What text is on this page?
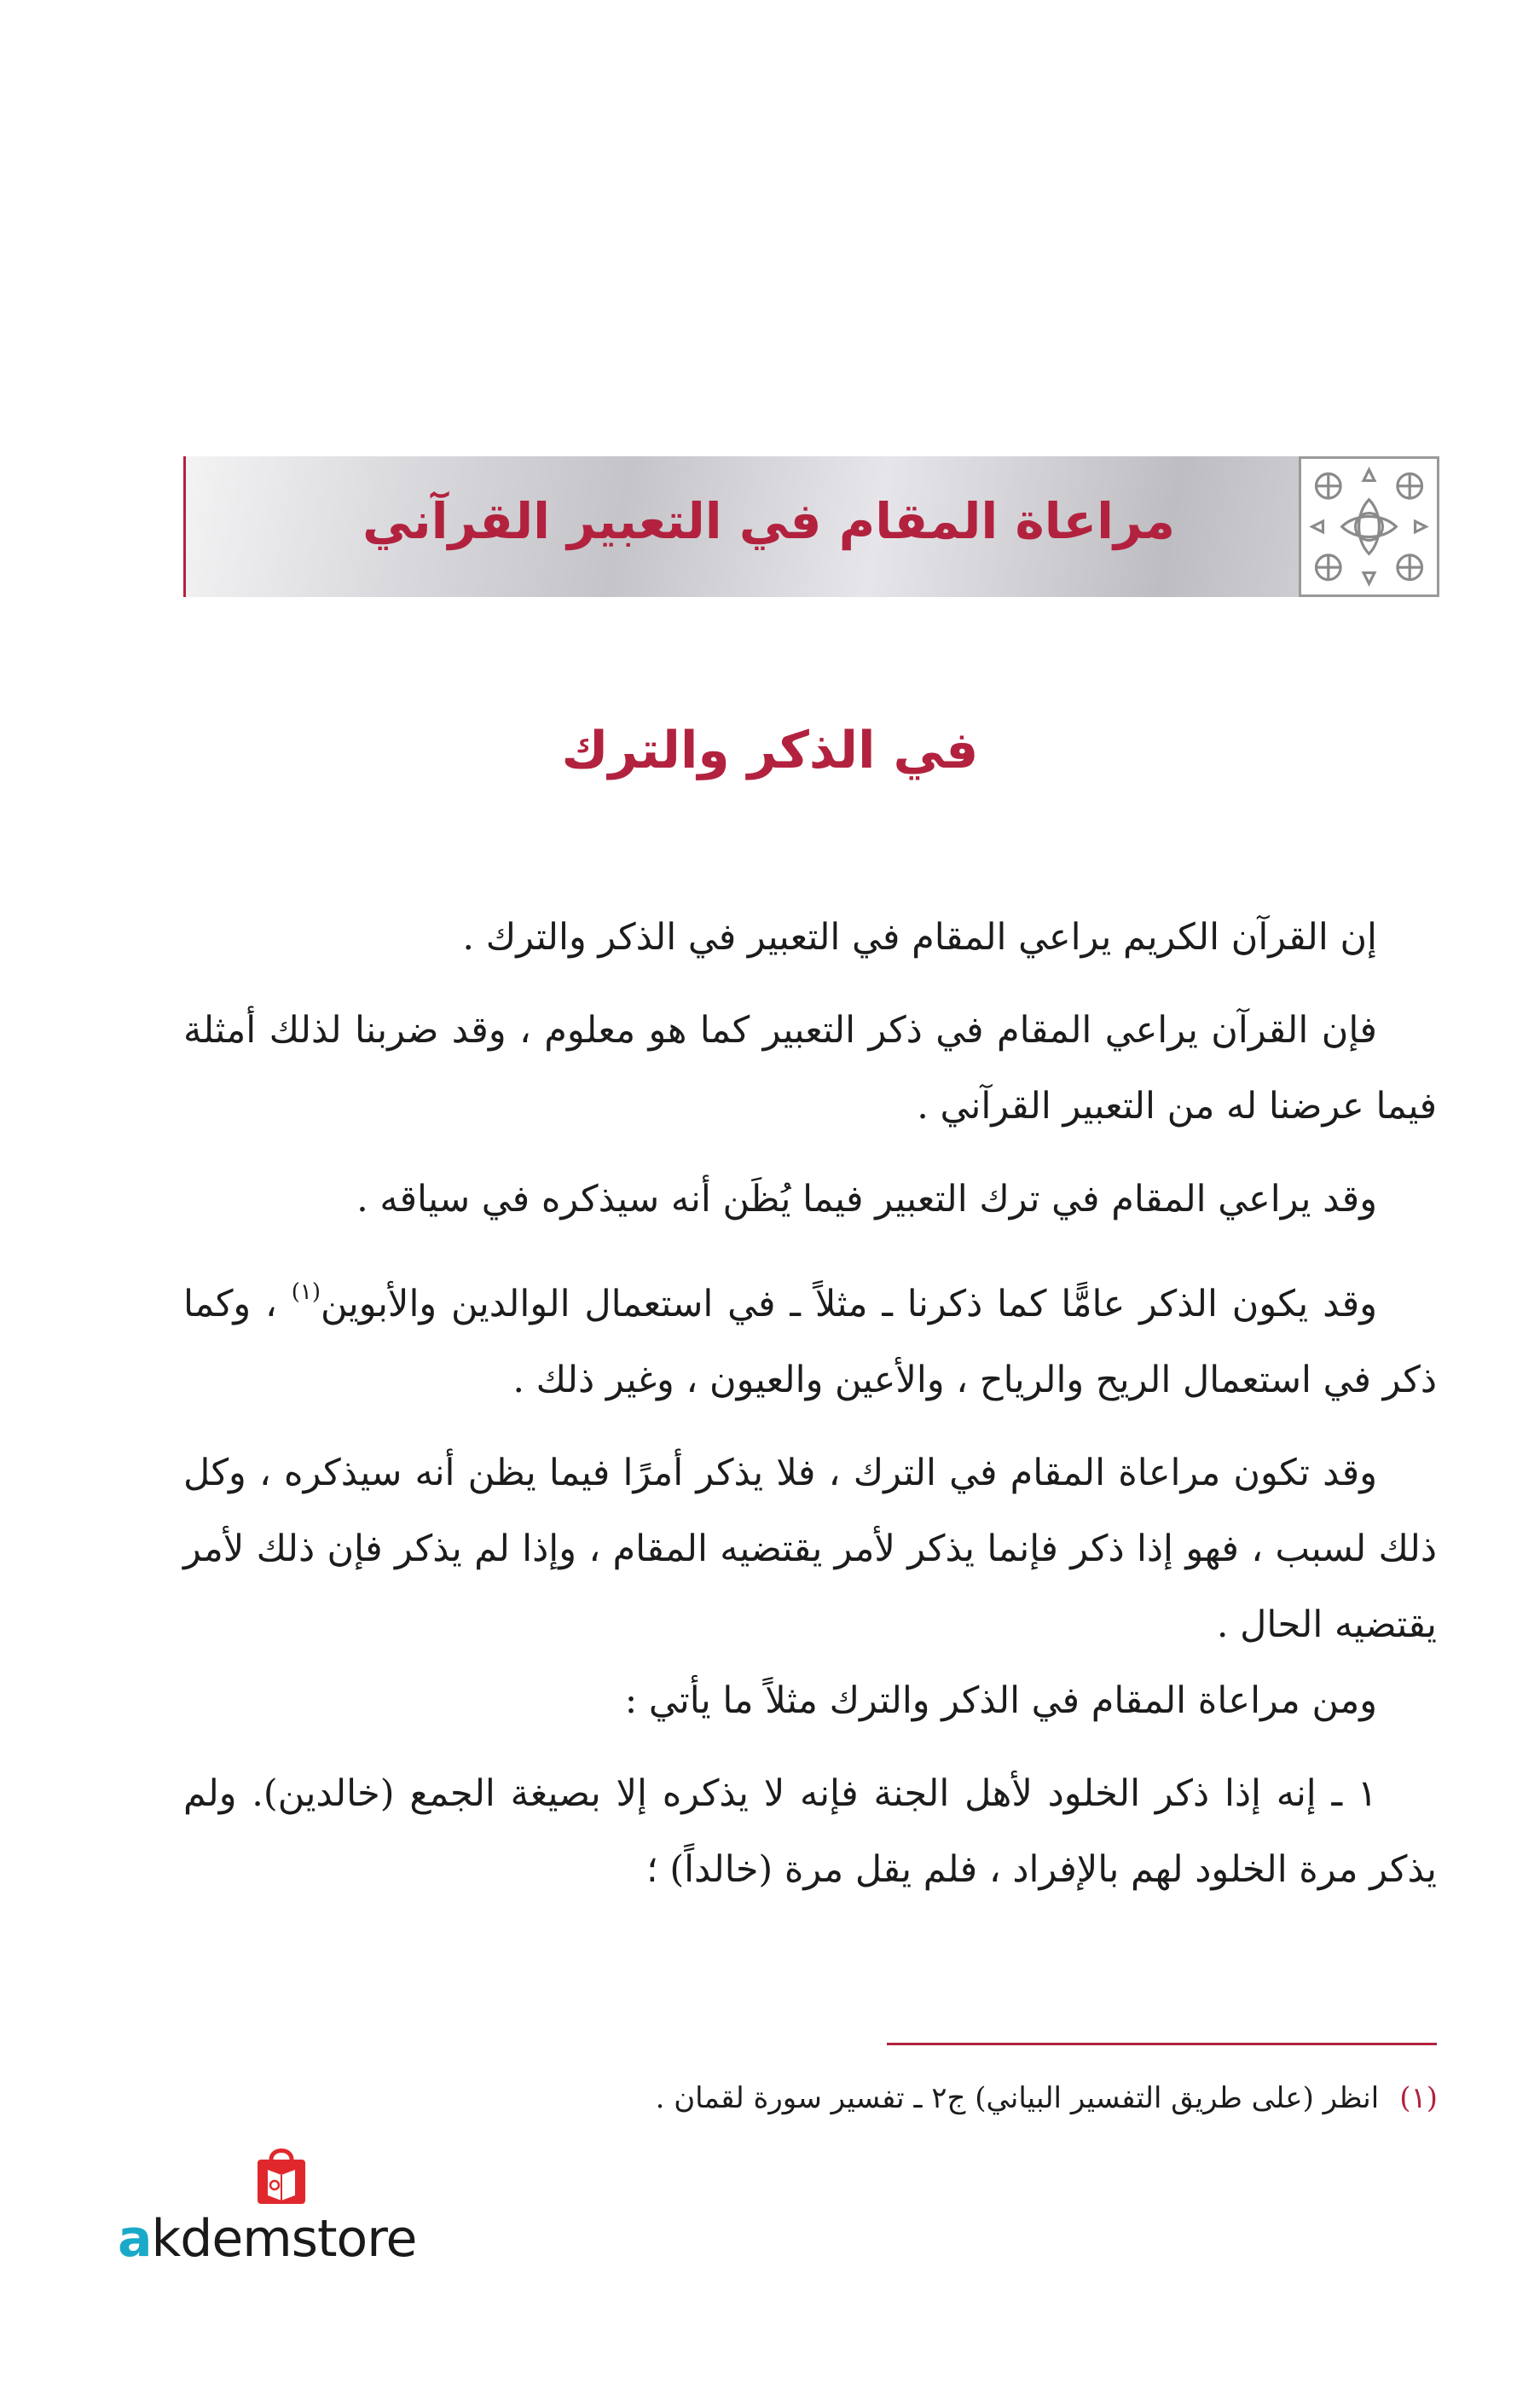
مراعاة المقام في التعبير القرآني
في الذكر والترك

إن القرآن الكريم يراعي المقام في التعبير في الذكر والترك .

فإن القرآن يراعي المقام في ذكر التعبير كما هو معلوم ، وقد ضربنا لذلك أمثلة فيما عرضنا له من التعبير القرآني .

وقد يراعي المقام في ترك التعبير فيما يُظَن أنه سيذكره في سياقه .

وقد يكون الذكر عامًّا كما ذكرنا ـ مثلاً ـ في استعمال الوالدين والأبوين$^{(١)}$ ، وكما ذكر في استعمال الريح والرياح ، والأعين والعيون ، وغير ذلك .

وقد تكون مراعاة المقام في الترك ، فلا يذكر أمرًا فيما يظن أنه سيذكره ، وكل ذلك لسبب ، فهو إذا ذكر فإنما يذكر لأمر يقتضيه المقام ، وإذا لم يذكر فإن ذلك لأمر يقتضيه الحال .

ومن مراعاة المقام في الذكر والترك مثلاً ما يأتي :

١ ـ إنه إذا ذكر الخلود لأهل الجنة فإنه لا يذكره إلا بصيغة الجمع (خالدين). ولم يذكر مرة الخلود لهم بالإفراد ، فلم يقل مرة (خالداً) ؛

(١)انظر (على طريق التفسير البياني) ج٢ ـ تفسير سورة لقمان .
akdemstore
